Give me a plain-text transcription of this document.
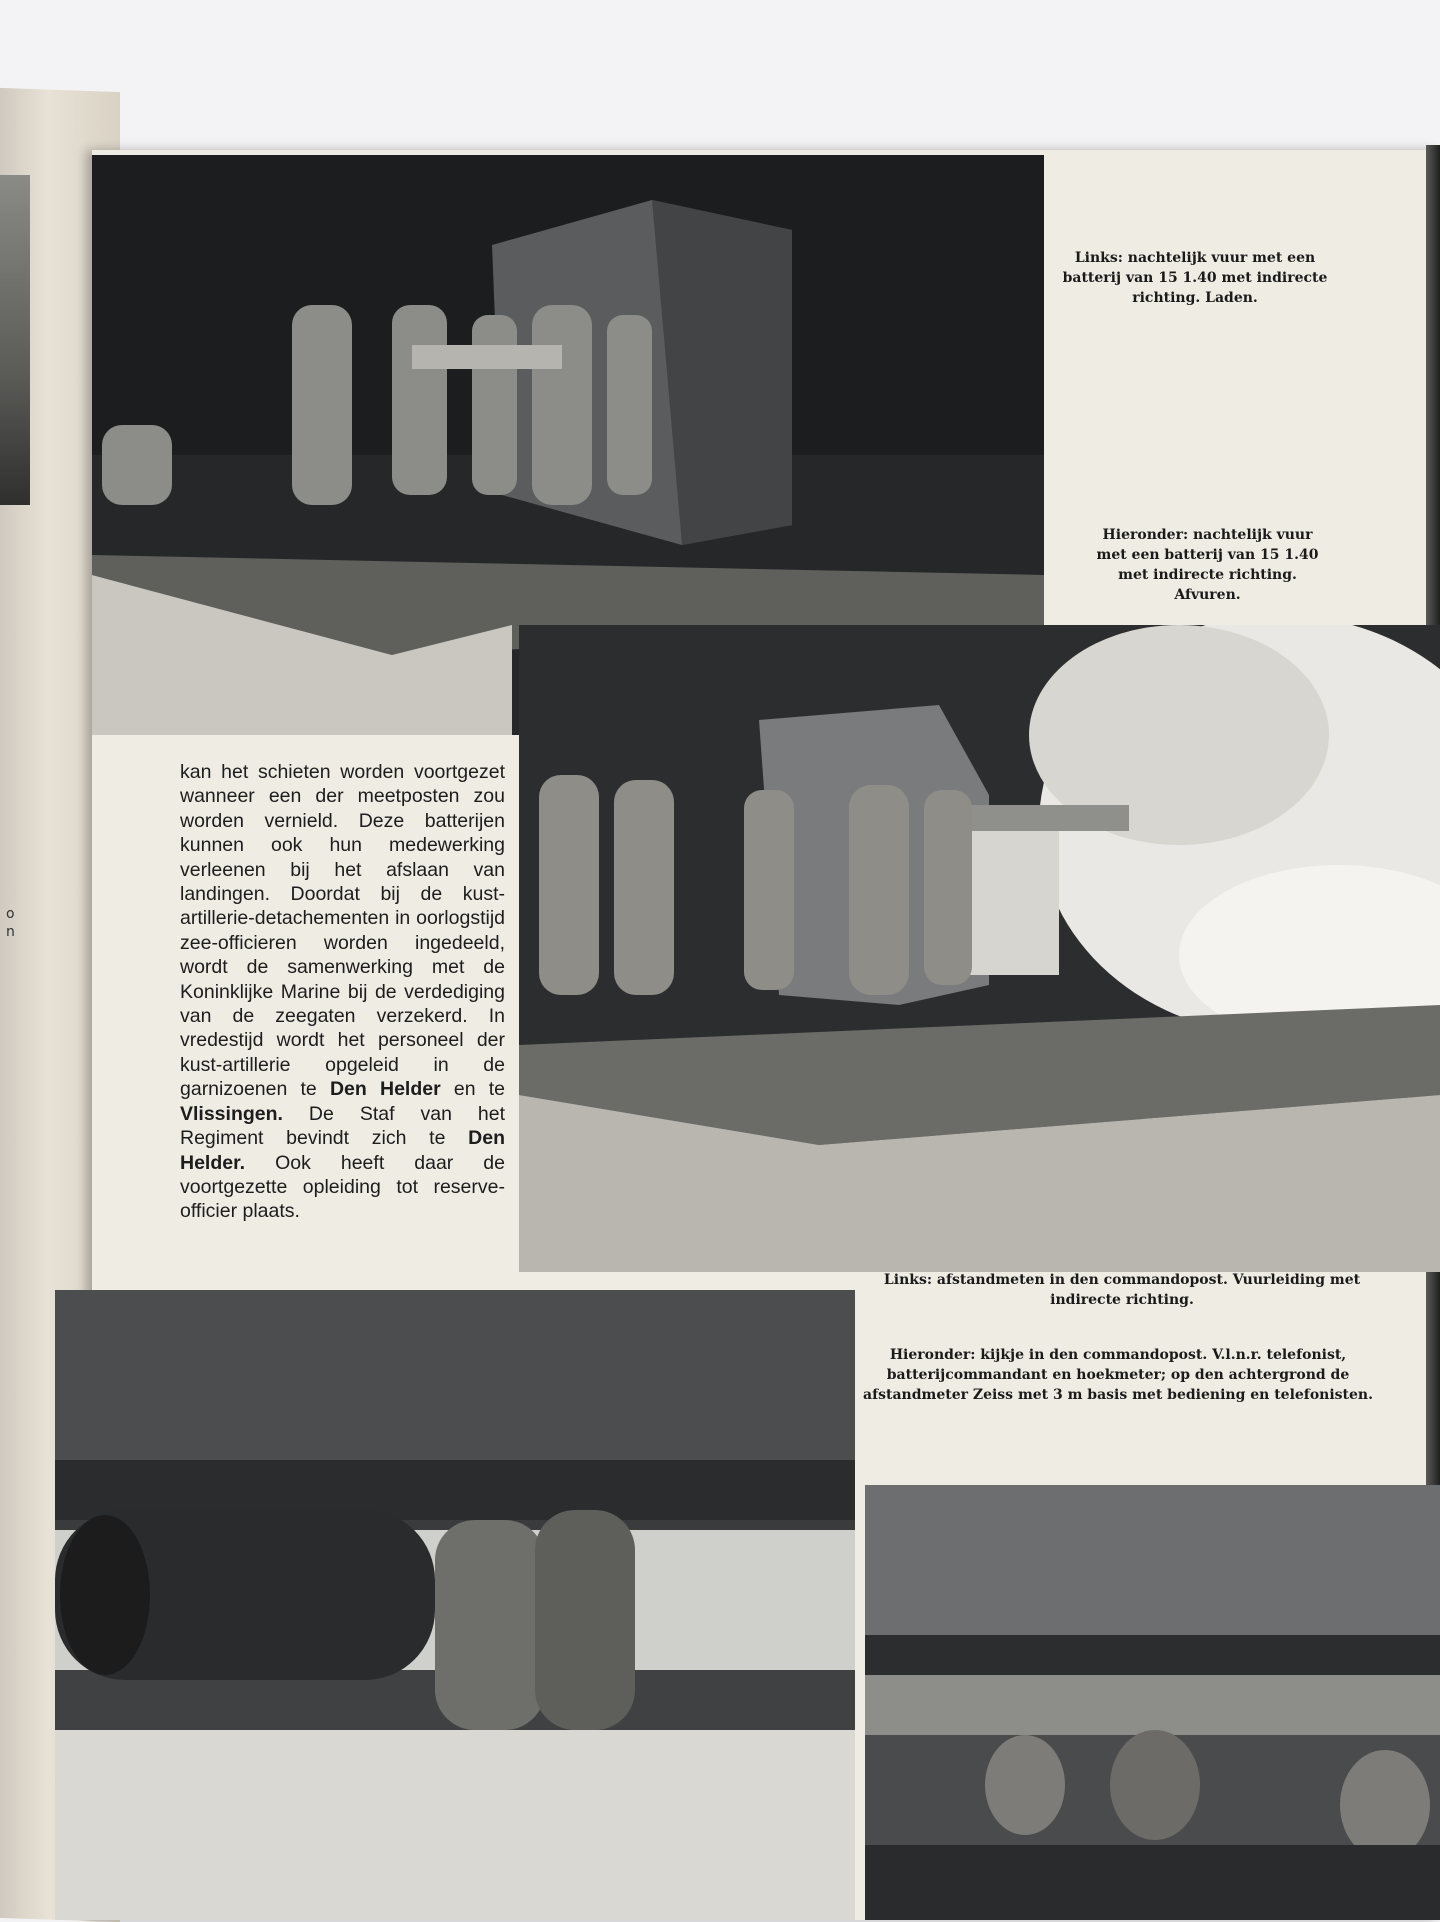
o
n

Links: nachtelijk vuur met een batterij van 15 1.40 met indirecte richting. Laden.

Hieronder: nachtelijk vuur met een batterij van 15 1.40 met indirecte richting. Afvuren.

kan het schieten worden voortgezet wanneer een der meetposten zou worden vernield. Deze batterijen kunnen ook hun medewerking verleenen bij het afslaan van landingen. Doordat bij de kust-artillerie-detachementen in oorlogstijd zee-officieren worden ingedeeld, wordt de samenwerking met de Koninklijke Marine bij de verdediging van de zeegaten verzekerd. In vredestijd wordt het personeel der kust-artillerie opgeleid in de garnizoenen te Den Helder en te Vlissingen. De Staf van het Regiment bevindt zich te Den Helder. Ook heeft daar de voortgezette opleiding tot reserve-officier plaats.

Links: afstandmeten in den commandopost. Vuurleiding met indirecte richting.

Hieronder: kijkje in den commandopost. V.l.n.r. telefonist, batterijcommandant en hoekmeter; op den achtergrond de afstandmeter Zeiss met 3 m basis met bediening en telefonisten.
